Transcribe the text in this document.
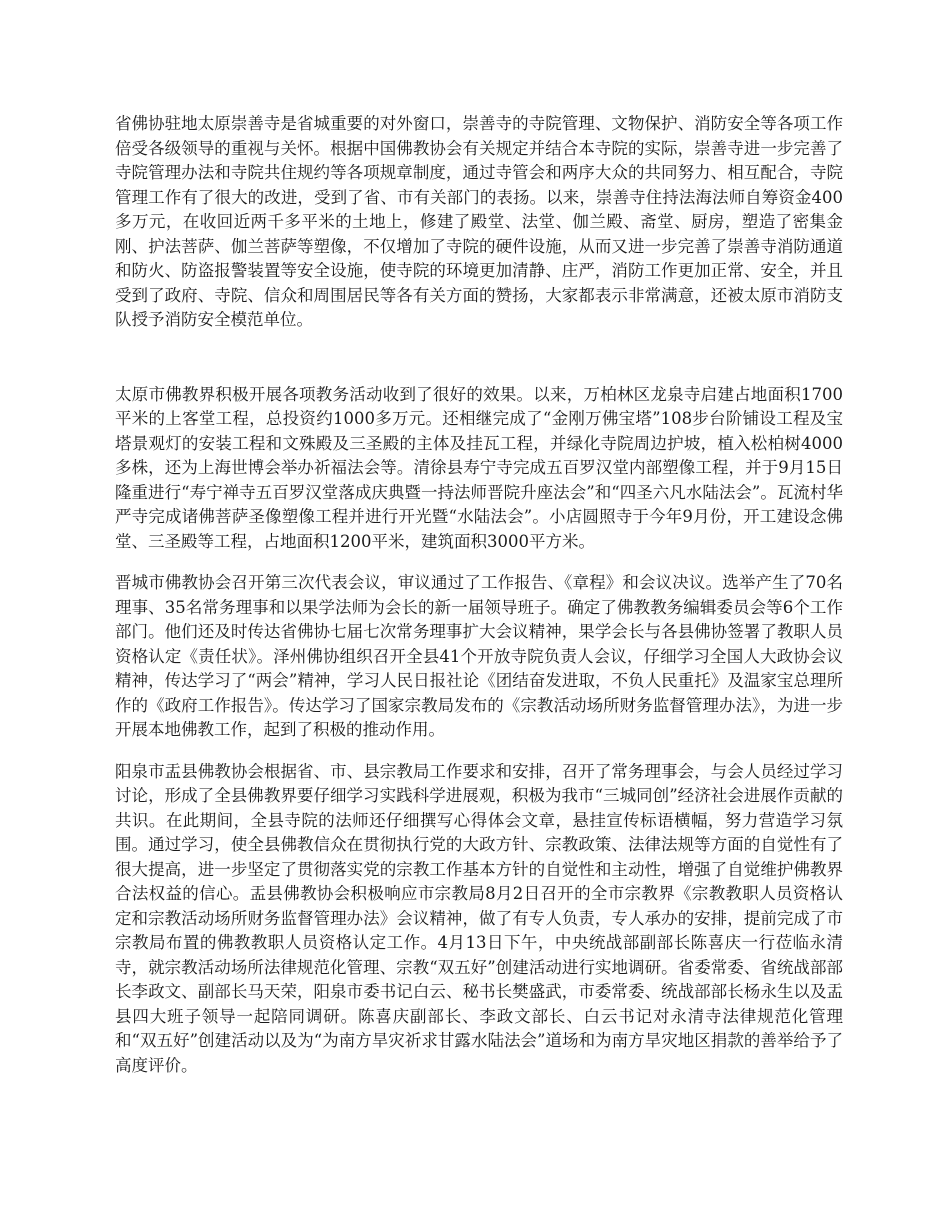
省佛协驻地太原崇善寺是省城重要的对外窗口，崇善寺的寺院管理、文物保护、消防安全等各项工作倍受各级领导的重视与关怀。根据中国佛教协会有关规定并结合本寺院的实际，崇善寺进一步完善了寺院管理办法和寺院共住规约等各项规章制度，通过寺管会和两序大众的共同努力、相互配合，寺院管理工作有了很大的改进，受到了省、市有关部门的表扬。以来，崇善寺住持法海法师自筹资金400多万元，在收回近两千多平米的土地上，修建了殿堂、法堂、伽兰殿、斋堂、厨房，塑造了密集金刚、护法菩萨、伽兰菩萨等塑像，不仅增加了寺院的硬件设施，从而又进一步完善了崇善寺消防通道和防火、防盗报警装置等安全设施，使寺院的环境更加清静、庄严，消防工作更加正常、安全，并且受到了政府、寺院、信众和周围居民等各有关方面的赞扬，大家都表示非常满意，还被太原市消防支队授予消防安全模范单位。

太原市佛教界积极开展各项教务活动收到了很好的效果。以来，万柏林区龙泉寺启建占地面积1700平米的上客堂工程，总投资约1000多万元。还相继完成了“金刚万佛宝塔”108步台阶铺设工程及宝塔景观灯的安装工程和文殊殿及三圣殿的主体及挂瓦工程，并绿化寺院周边护坡，植入松柏树4000多株，还为上海世博会举办祈福法会等。清徐县寿宁寺完成五百罗汉堂内部塑像工程，并于9月15日隆重进行“寿宁禅寺五百罗汉堂落成庆典暨一持法师晋院升座法会”和“四圣六凡水陆法会”。瓦流村华严寺完成诸佛菩萨圣像塑像工程并进行开光暨“水陆法会”。小店圆照寺于今年9月份，开工建设念佛堂、三圣殿等工程，占地面积1200平米，建筑面积3000平方米。

晋城市佛教协会召开第三次代表会议，审议通过了工作报告、《章程》和会议决议。选举产生了70名理事、35名常务理事和以果学法师为会长的新一届领导班子。确定了佛教教务编辑委员会等6个工作部门。他们还及时传达省佛协七届七次常务理事扩大会议精神，果学会长与各县佛协签署了教职人员资格认定《责任状》。泽州佛协组织召开全县41个开放寺院负责人会议，仔细学习全国人大政协会议精神，传达学习了“两会”精神，学习人民日报社论《团结奋发进取，不负人民重托》及温家宝总理所作的《政府工作报告》。传达学习了国家宗教局发布的《宗教活动场所财务监督管理办法》，为进一步开展本地佛教工作，起到了积极的推动作用。

阳泉市盂县佛教协会根据省、市、县宗教局工作要求和安排，召开了常务理事会，与会人员经过学习讨论，形成了全县佛教界要仔细学习实践科学进展观，积极为我市“三城同创”经济社会进展作贡献的共识。在此期间，全县寺院的法师还仔细撰写心得体会文章，悬挂宣传标语横幅，努力营造学习氛围。通过学习，使全县佛教信众在贯彻执行党的大政方针、宗教政策、法律法规等方面的自觉性有了很大提高，进一步坚定了贯彻落实党的宗教工作基本方针的自觉性和主动性，增强了自觉维护佛教界合法权益的信心。盂县佛教协会积极响应市宗教局8月2日召开的全市宗教界《宗教教职人员资格认定和宗教活动场所财务监督管理办法》会议精神，做了有专人负责，专人承办的安排，提前完成了市宗教局布置的佛教教职人员资格认定工作。4月13日下午，中央统战部副部长陈喜庆一行莅临永清寺，就宗教活动场所法律规范化管理、宗教“双五好”创建活动进行实地调研。省委常委、省统战部部长李政文、副部长马天荣，阳泉市委书记白云、秘书长樊盛武，市委常委、统战部部长杨永生以及盂县四大班子领导一起陪同调研。陈喜庆副部长、李政文部长、白云书记对永清寺法律规范化管理和“双五好”创建活动以及为“为南方旱灾祈求甘露水陆法会”道场和为南方旱灾地区捐款的善举给予了高度评价。
